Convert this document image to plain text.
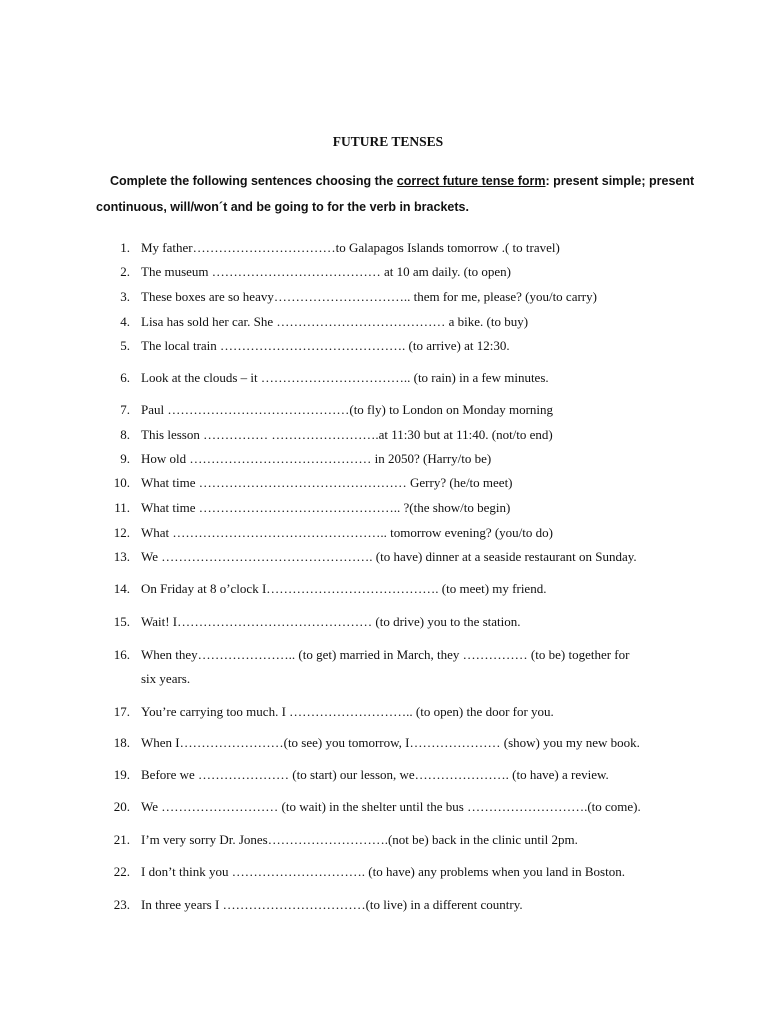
FUTURE TENSES
Complete the following sentences choosing the correct future tense form: present simple; present continuous, will/won´t and be going to for the verb in brackets.
1. My father……………………………to Galapagos Islands tomorrow .( to travel)
2. The museum ………………………………… at 10 am daily. (to open)
3. These boxes are so heavy………………………….. them for me, please? (you/to carry)
4. Lisa has sold her car. She ………………………………… a bike. (to buy)
5. The local train ……………………………………. (to arrive) at 12:30.
6. Look at the clouds – it …………………………….. (to rain) in a few minutes.
7. Paul ……………………………………(to fly) to London on Monday morning
8. This lesson …………… …………………….at 11:30 but at 11:40. (not/to end)
9. How old …………………………………… in 2050? (Harry/to be)
10. What time ………………………………………… Gerry? (he/to meet)
11. What time ……………………………………….. ?(the show/to begin)
12. What ………………………………………….. tomorrow evening? (you/to do)
13. We …………………………………………. (to have) dinner at a seaside restaurant on Sunday.
14. On Friday at 8 o’clock I…………………………………. (to meet) my friend.
15. Wait! I……………………………………… (to drive) you to the station.
16. When they………………….. (to get) married in March, they …………… (to be) together for
six years.
17. You’re carrying too much. I ……………………….. (to open) the door for you.
18. When I……………………(to see) you tomorrow, I………………… (show) you my new book.
19. Before we ………………… (to start) our lesson, we…………………. (to have) a review.
20. We ……………………… (to wait) in the shelter until the bus ……………………….(to come).
21. I’m very sorry Dr. Jones……………………….(not be) back in the clinic until 2pm.
22. I don’t think you …………………………. (to have) any problems when you land in Boston.
23. In three years I ……………………………(to live) in a different country.
